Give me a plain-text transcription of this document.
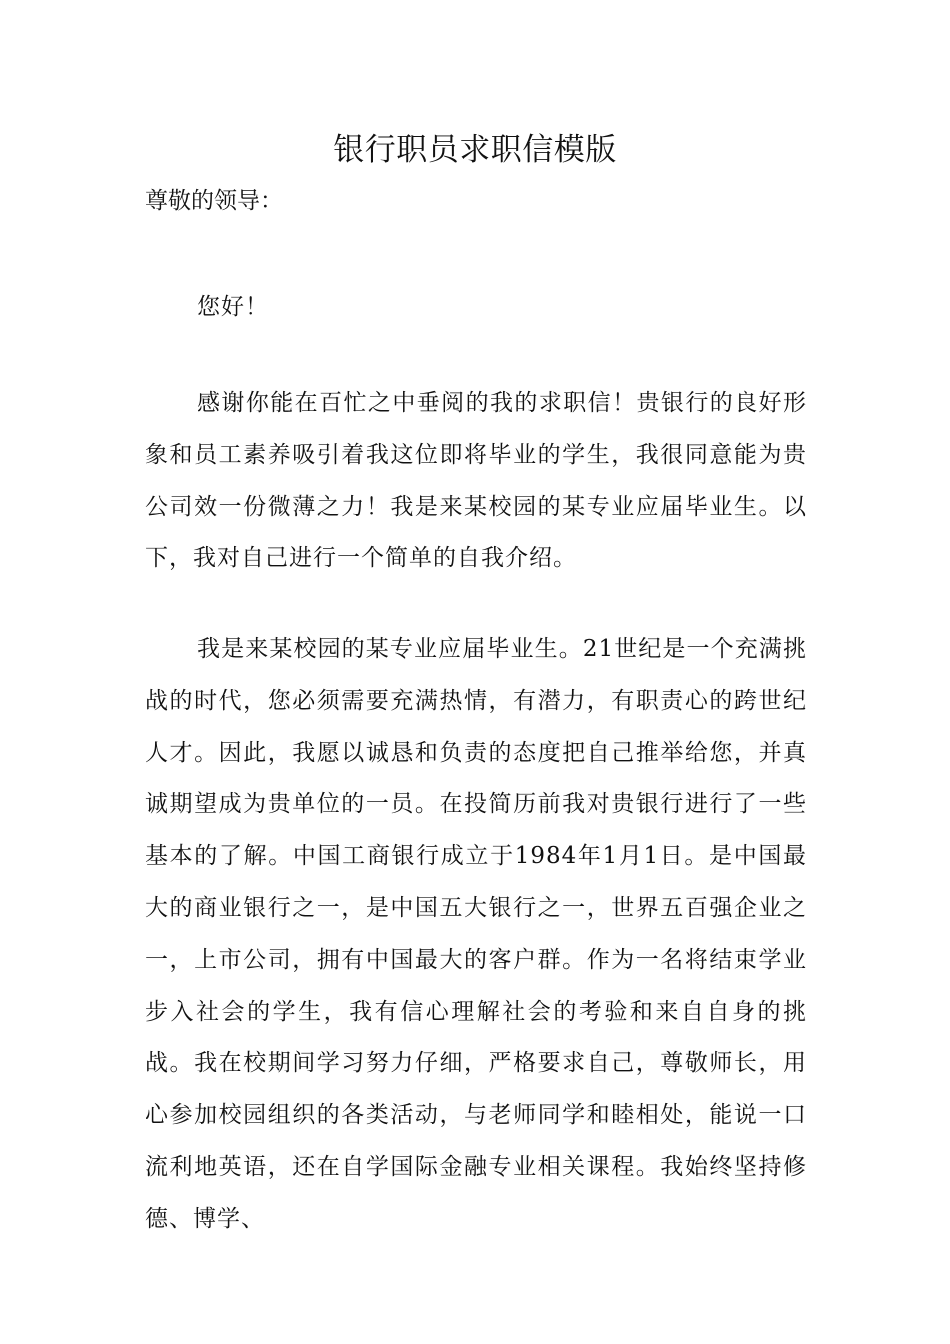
银行职员求职信模版

尊敬的领导：

您好！

感谢你能在百忙之中垂阅的我的求职信！贵银行的良好形象和员工素养吸引着我这位即将毕业的学生，我很同意能为贵公司效一份微薄之力！我是来某校园的某专业应届毕业生。以下，我对自己进行一个简单的自我介绍。

我是来某校园的某专业应届毕业生。21世纪是一个充满挑战的时代，您必须需要充满热情，有潜力，有职责心的跨世纪人才。因此，我愿以诚恳和负责的态度把自己推举给您，并真诚期望成为贵单位的一员。在投简历前我对贵银行进行了一些基本的了解。中国工商银行成立于1984年1月1日。是中国最大的商业银行之一，是中国五大银行之一，世界五百强企业之一，上市公司，拥有中国最大的客户群。作为一名将结束学业步入社会的学生，我有信心理解社会的考验和来自自身的挑战。我在校期间学习努力仔细，严格要求自己，尊敬师长，用心参加校园组织的各类活动，与老师同学和睦相处，能说一口流利地英语，还在自学国际金融专业相关课程。我始终坚持修德、博学、
